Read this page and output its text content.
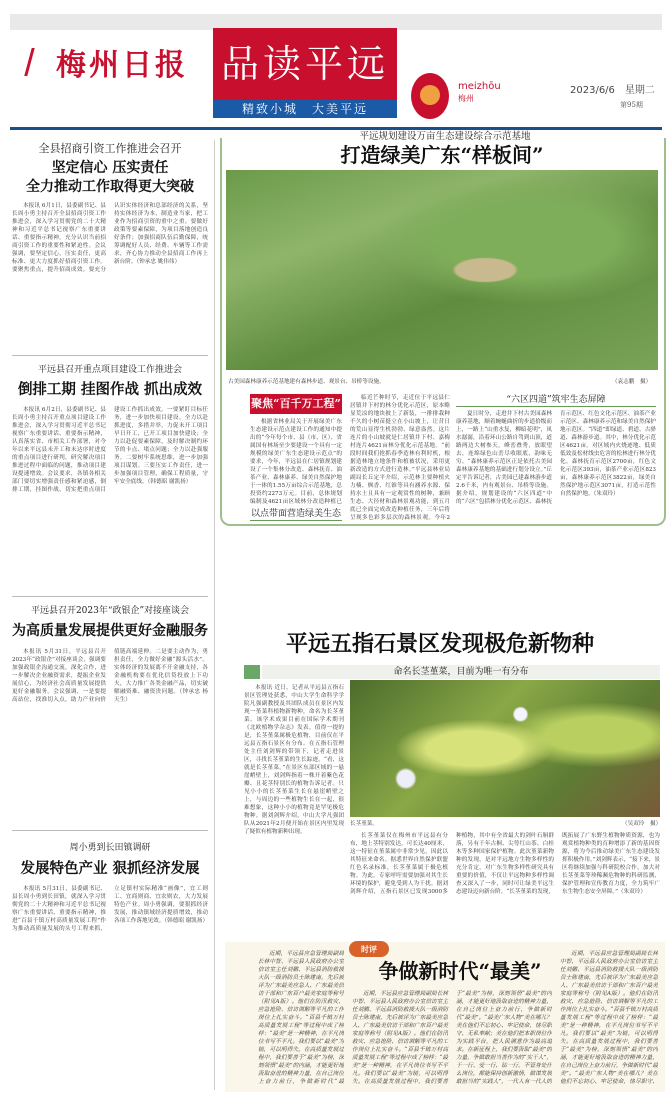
梅州日报 品读平远
精致小城　大美平远
meizhōu
梅州
2023/6/6　星期二
第95期
全县招商引资工作推进会召开
坚定信心 压实责任
全力推动工作取得更大突破
本报讯 6月1日，县委副书记、县长周小勇主持召开全县招商引资工作推进会，深入学习贯彻党的二十大精神和习近平总书记视察广东重要讲话、重要指示精神，充分认识当前招商引资工作的重要性和紧迫性。会议强调，要坚定信心，压实责任，更高标准、更大力度抓好招商引资工作。要聚焦重点，提升招商成效。要充分认识实体经济和总部经济的关系，坚持实体经济为本，制造业当家，把工业作为招商引资的重中之重。要做好政策等要素保障，为项目落地创造良好条件；加强招商队伍后勤保障，统筹调配好人员、经费、车辆等工作需求，齐心协力推动全县招商工作再上新台阶。（钟承忠 姚伟伟）
平远县召开重点项目建设工作推进会
倒排工期 挂图作战 抓出成效
本报讯 6月2日，县委副书记、县长周小勇主持召开重点项目建设工作推进会，深入学习贯彻习近平总书记视察广东重要讲话、重要指示精神，认真落实省、市相关工作部署，对今年以来平远县未开工和未达序时进度的重点项目进行研判，研究解决项目推进过程中面临的问题，推动项目建设提速增效。会议要求，各镇各相关部门要切实增强责任感和紧迫感，倒排工期，挂图作战，切实把重点项目建设工作抓出成效。一要紧盯目标任务，进一步加快项目建设。全力以赴抓进度，多措并举，力促未开工项目早日开工，已开工项目加快建设；全力以赴促要素保障，及时解决制约环节的卡点、堵点问题；全力以赴强服务。二要树牢系统思维，进一步加强项目谋划。三要压实工作责任，进一步加强项目管理，确保工程质量，守牢安全底线。（韩德昭 谢凯扬）
平远县召开2023年“政银企”对接座谈会
为高质量发展提供更好金融服务
本报讯 5月31日，平远县召开2023年“政银企”对接座谈会，强调要加强政银企沟通交流，深化合作，进一步解决企业融资需求，提振企业发展信心，为经济社会高质量发展提供更好金融服务。会议强调，一是要提高站位，找准切入点，助力产业向价值链高端延伸。二是要主动作为，勇担责任，全力做好金融“源头活水”。实体经济的发展离不开金融支持，各金融机构要在优化信贷投放上下功夫，大力推广各类金融产品，切实破解融资难、融资贵问题。（钟承忠 杨天生）
周小勇到长田镇调研
发展特色产业 狠抓经济发展
本报讯 5月31日，县委副书记、县长周小勇到长田镇，就深入学习贯彻党的二十大精神和习近平总书记视察广东重要讲话、重要指示精神，推进“百县千镇万村高质量发展工程”作为推动高质量发展的头号工程来抓，立足镇村实际精准“画像”，宜工则工、宜商则商、宜农则农，大力发展特色产业。周小勇强调，要狠抓经济发展，推动镇域经济提质增效，推动各项工作落地见效。（韩德昭 谢凯扬）
平远规划建设万亩生态建设综合示范基地
打造绿美广东“样板间”
古美园森林康养示范基地建有森林步道、观景台、吊桥等设施。	（袁志鹏　摄）
聚焦“百千万工程”
根据省林业局关于开展绿美广东生态建设示范点建设工作的通知中提出的“今年每个市、县（市、区）、省属国有林场至少要建设一个具有一定规模的绿美广东生态建设示范点”的要求，今年，平远县在仁居镇规划建设了一个集林分改造、森林抚育、油茶产业、森林康养、绿美自然保护地于一体的1.55万亩综合示范基地，总投资约2273万元。目前，总体规划编制及4621亩区域林分改造种植已
以点带面营造绿美生态
临近芒种时节，走近位于平远县仁居镇井下村的林分优化示范区，原本略显荒凉的地块披上了新装，一排排栽种不久的小树苗挺立在小山坡上，让昔日的荒山显得生机勃勃、绿意盎然。这片连片的小山坡就是仁居镇井下村、嘉梅村连片4621亩林分优化示范基地。“前段时间我们抢抓春季造林有利时机，根据造林地立地条件和植被状况，采用更新改造的方式进行造林。”平远县林业局副局长丘定平介绍，示范林主要种植火力楠、枫香、红锥等具有涵养水源、保持水土且具有一定观赏性的树种，兼顾生态、大径材和森林景观功能，到五月底已全面完成改造种植任务，三年后将呈现多色彩多层次的森林景观。今年2
“六区四道”筑牢生态屏障
夏日时分，走进井下村古美园森林康养基地，顺着蜿蜒曲折的步道拾级而上，一路上“山重水复，柳暗花明”，凤水潺潺，沿着环山公路自驾到山顶，道路两边大树参天，峰峦叠秀，放眼望去，连绵绿色山峦尽收眼底，韵味无穷。“森林康养示范区正是依托古美园森林康养基地的基础进行划分设立。”丘定平告诉记者，古美园已建森林游步道2.6千米，内有观景台、吊桥等设施。据介绍，规划建设的“六区四道”中的“六区”包括林分优化示范区、森林抚育示范区、红色文化示范区、油茶产业示范区、森林康养示范和绿美自然保护地示范区。“四道”即绿道、碧道、古驿道、森林游步道。其中，林分优化示范区4621亩，对区域内火烧迹地、低质低效及松材线虫危害的松林进行林分优化。森林抚育示范区2700亩，红色文化示范区393亩，油茶产业示范区823亩，森林康养示范区3822亩，绿美自然保护地示范区3071亩，打造示范性自然保护地。（朱双玲）
平远五指石景区发现极危新物种
命名长茎堇菜，目前为唯一有分布
本报讯 近日，记者从平远县五指石景区管理处获悉，中山大学生命科学学院凡强副教授及其团队成员在景区内发现一堇菜科植物新物种，命名为长茎堇菜。该学术成果目前在国际学术期刊《北欧植物学杂志》发表。值得一提的是，长茎堇菜属极危植物，目前仅在平远县五指石景区有分布。在五指石管理处主任刘剑辉的带领下，记者走进景区，寻找长茎堇菜的生长踪迹。“看，这就是长茎堇菜。”在景区东部区域的一悬崖峭壁上，刘剑辉指着一株开着紫色花瓣、且花茎特别长的植物告诉记者。只见小小的长茎堇菜生长在悬崖峭壁之上，与周边的一些植物生长在一起，很难想象，这种小小的植物竟是罕见极危物种。据刘剑辉介绍，中山大学凡强团队从2021年2月便开始在景区内里发现了疑似有植物新种出现。
长茎堇菜。	（吴双玲　摄）
长茎堇菜仅在梅州市平远县有分布，地上茎特别发达，可长达40厘米，这一特征在堇菜属中非常少见，因此以其特征来命名。据悉世界自然保护联盟红色名录标准，长茎堇菜属于极危植物。为此，专家呼吁需要加强对其生长环境的保护，避免受到人为干扰。据刘剑辉介绍，五指石景区已发现3000多种植物，其中有全省最大的剑叶石斛群落，另有千年古桐、尖萼红山茶、白桂木等多种国家保护植物。此次堇菜新物种的发现，是对平远地方生物多样性的充分肯定，对广东生物多样性研究具有重要的价值，不仅让平远物种多样性调查又深入了一步，同时可让绿美平远生态建设迈向新台阶。“长茎堇菜的发现，既拓展了广东野生植物种质资源，也为观赏植物种类的育种增添了新的基因资源，将为今后推动绿美广东生态建设发挥积极作用。”刘剑辉表示，“接下来，景区将继续加强与科研院校合作，加大对长茎堇菜等珍稀濒危物种的科研监测、保护管理和宣传教育力度，全力筑牢广东生物生态安全屏障。”（朱双玲）
时评
争做新时代“最美”
近期，平远县应急管理局副局长林中智、平远县人民政府办公室信访室主任刘鹏、平远县消防救援大队一级消防员士陈建南，先后被评为广东最美应急人、广东最美信访干部和广东百户最美家庭等称号（附见A版）。他们在防汛救灾、应急抢险、信访调解等平凡的工作岗位上扎实奋斗。“百县千镇万村高质量发展工程”等过程中成了榜样：“最美”是一种精神，在平凡岗位书写不平凡。我们要以“最美”为镜，可以明得失。在高质量发展过程中，我们要善于“最美”为榜，深刻领悟“最美”的内涵，才能更好地汲取奋进的精神力量，在自己岗位上奋力前行，争做新时代“最
近期，平远县应急管理局副局长林中智、平远县人民政府办公室信访室主任刘鹏、平远县消防救援大队一级消防员士陈建南，先后被评为广东最美应急人、广东最美信访干部和广东百户最美家庭等称号（附见A版）。他们在防汛救灾、应急抢险、信访调解等平凡的工作岗位上扎实奋斗。“百县千镇万村高质量发展工程”等过程中成了榜样：“最美”是一种精神，在平凡岗位书写不平凡。我们要以“最美”为镜，可以明得失。在高质量发展过程中，我们要善于“最美”为榜，深刻领悟“最美”的内涵，才能更好地汲取奋进的精神力量，在自己岗位上奋力前行，争做新时代“最美”。“最美广东人物”美在哪儿？美在他们不忘初心、牢记使命，恪尽职守、无私奉献；美在他们把本职岗位作为实践平台，把人民满意作为最高追求。在新征程上，我们要汲取“最美”的力量，争做敢担当善作为的“实干人”，干一行、爱一行、钻一行，不管身处什么岗位，都能保持创新激情，做谋发展敢担当的“实践人”，一代人有一代人的
近期，平远县应急管理局副局长林中智、平远县人民政府办公室信访室主任刘鹏、平远县消防救援大队一级消防员士陈建南，先后被评为广东最美应急人、广东最美信访干部和广东百户最美家庭等称号（附见A版）。他们在防汛救灾、应急抢险、信访调解等平凡的工作岗位上扎实奋斗。“百县千镇万村高质量发展工程”等过程中成了榜样：“最美”是一种精神，在平凡岗位书写不平凡。我们要以“最美”为镜，可以明得失。在高质量发展过程中，我们要善于“最美”为榜，深刻领悟“最美”的内涵，才能更好地汲取奋进的精神力量，在自己岗位上奋力前行，争做新时代“最美”。“最美广东人物”美在哪儿？美在他们不忘初心、牢记使命，恪尽职守、
